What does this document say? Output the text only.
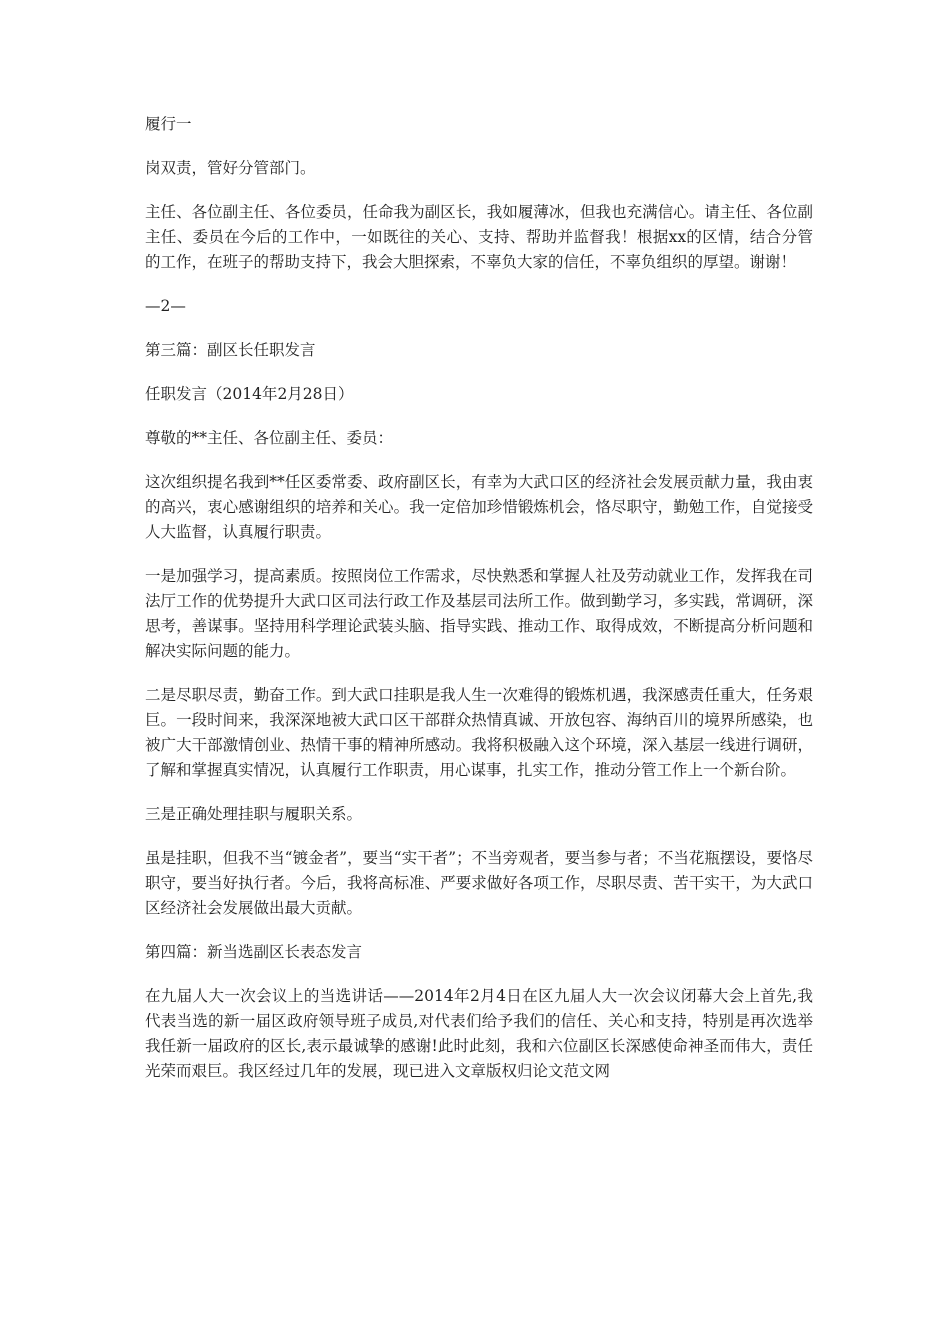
履行一

岗双责，管好分管部门。

主任、各位副主任、各位委员，任命我为副区长，我如履薄冰，但我也充满信心。请主任、各位副主任、委员在今后的工作中，一如既往的关心、支持、帮助并监督我！根据xx的区情，结合分管的工作，在班子的帮助支持下，我会大胆探索，不辜负大家的信任，不辜负组织的厚望。谢谢！

—2—

第三篇：副区长任职发言

任职发言（2014年2月28日）

尊敬的**主任、各位副主任、委员：

这次组织提名我到**任区委常委、政府副区长，有幸为大武口区的经济社会发展贡献力量，我由衷的高兴，衷心感谢组织的培养和关心。我一定倍加珍惜锻炼机会，恪尽职守，勤勉工作，自觉接受人大监督，认真履行职责。

一是加强学习，提高素质。按照岗位工作需求，尽快熟悉和掌握人社及劳动就业工作，发挥我在司法厅工作的优势提升大武口区司法行政工作及基层司法所工作。做到勤学习，多实践，常调研，深思考，善谋事。坚持用科学理论武装头脑、指导实践、推动工作、取得成效，不断提高分析问题和解决实际问题的能力。

二是尽职尽责，勤奋工作。到大武口挂职是我人生一次难得的锻炼机遇，我深感责任重大，任务艰巨。一段时间来，我深深地被大武口区干部群众热情真诚、开放包容、海纳百川的境界所感染，也被广大干部激情创业、热情干事的精神所感动。我将积极融入这个环境，深入基层一线进行调研，了解和掌握真实情况，认真履行工作职责，用心谋事，扎实工作，推动分管工作上一个新台阶。

三是正确处理挂职与履职关系。

虽是挂职，但我不当“镀金者”，要当“实干者”；不当旁观者，要当参与者；不当花瓶摆设，要恪尽职守，要当好执行者。今后，我将高标准、严要求做好各项工作，尽职尽责、苦干实干，为大武口区经济社会发展做出最大贡献。

第四篇：新当选副区长表态发言

在九届人大一次会议上的当选讲话——2014年2月4日在区九届人大一次会议闭幕大会上首先,我代表当选的新一届区政府领导班子成员,对代表们给予我们的信任、关心和支持，特别是再次选举我任新一届政府的区长,表示最诚挚的感谢!此时此刻，我和六位副区长深感使命神圣而伟大，责任光荣而艰巨。我区经过几年的发展，现已进入文章版权归论文范文网
